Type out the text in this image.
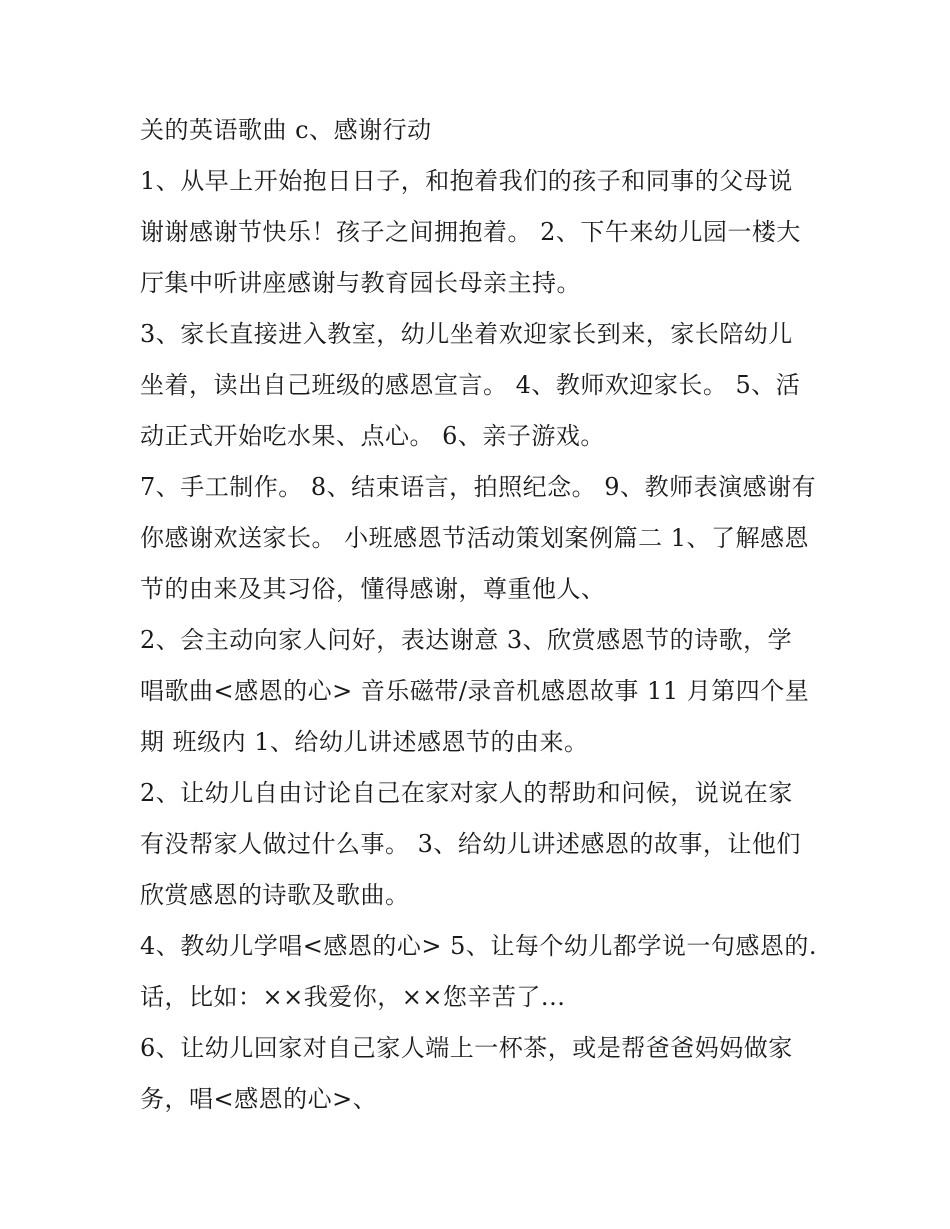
关的英语歌曲 c、感谢行动
1、从早上开始抱日日子，和抱着我们的孩子和同事的父母说
谢谢感谢节快乐！孩子之间拥抱着。 2、下午来幼儿园一楼大
厅集中听讲座感谢与教育园长母亲主持。
3、家长直接进入教室，幼儿坐着欢迎家长到来，家长陪幼儿
坐着，读出自己班级的感恩宣言。 4、教师欢迎家长。 5、活
动正式开始吃水果、点心。 6、亲子游戏。
7、手工制作。 8、结束语言，拍照纪念。 9、教师表演感谢有
你感谢欢送家长。 小班感恩节活动策划案例篇二 1、了解感恩
节的由来及其习俗，懂得感谢，尊重他人、
2、会主动向家人问好，表达谢意 3、欣赏感恩节的诗歌，学
唱歌曲<感恩的心> 音乐磁带/录音机感恩故事 11 月第四个星
期 班级内 1、给幼儿讲述感恩节的由来。
2、让幼儿自由讨论自己在家对家人的帮助和问候，说说在家
有没帮家人做过什么事。 3、给幼儿讲述感恩的故事，让他们
欣赏感恩的诗歌及歌曲。
4、教幼儿学唱<感恩的心> 5、让每个幼儿都学说一句感恩的.
话，比如：××我爱你，××您辛苦了...
6、让幼儿回家对自己家人端上一杯茶，或是帮爸爸妈妈做家
务，唱<感恩的心>、
